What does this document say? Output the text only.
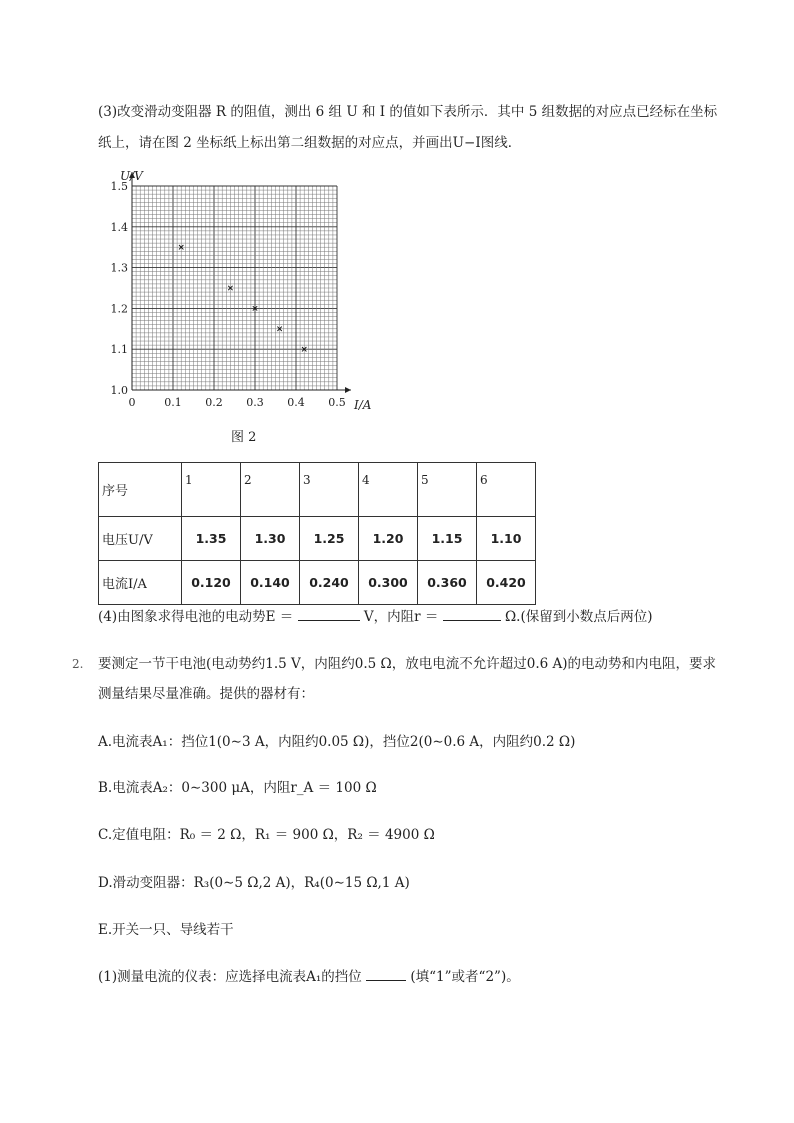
(3)改变滑动变阻器 R 的阻值，测出 6 组 U 和 I 的值如下表所示．其中 5 组数据的对应点已经标在坐标
纸上，请在图 2 坐标纸上标出第二组数据的对应点，并画出U−I图线．
0	0.1 0.2 0.3 0.4 0.5
1.0
1.1
1.2
1.3
1.4
1.5
U/V
I/A
图 2
序号	1	2	3	4	5	6
电压U/V	1.35	1.30	1.25	1.20	1.15	1.10
电流I/A	0.120	0.140	0.240	0.300	0.360	0.420
(4)由图象求得电池的电动势E ＝	V，内阻r ＝	Ω.(保留到小数点后两位)
2. 要测定一节干电池(电动势约1.5 V，内阻约0.5 Ω，放电电流不允许超过0.6 A)的电动势和内电阻，要求
测量结果尽量准确。提供的器材有：
A.电流表A₁：挡位1(0∼3 A，内阻约0.05 Ω)，挡位2(0∼0.6 A，内阻约0.2 Ω)
B.电流表A₂：0∼300 μA，内阻r_A ＝ 100 Ω
C.定值电阻：R₀ ＝ 2 Ω，R₁ ＝ 900 Ω，R₂ ＝ 4900 Ω
D.滑动变阻器：R₃(0∼5 Ω,2 A)，R₄(0∼15 Ω,1 A)
E.开关一只、导线若干
(1)测量电流的仪表：应选择电流表A₁的挡位	(填“1”或者“2”)。
